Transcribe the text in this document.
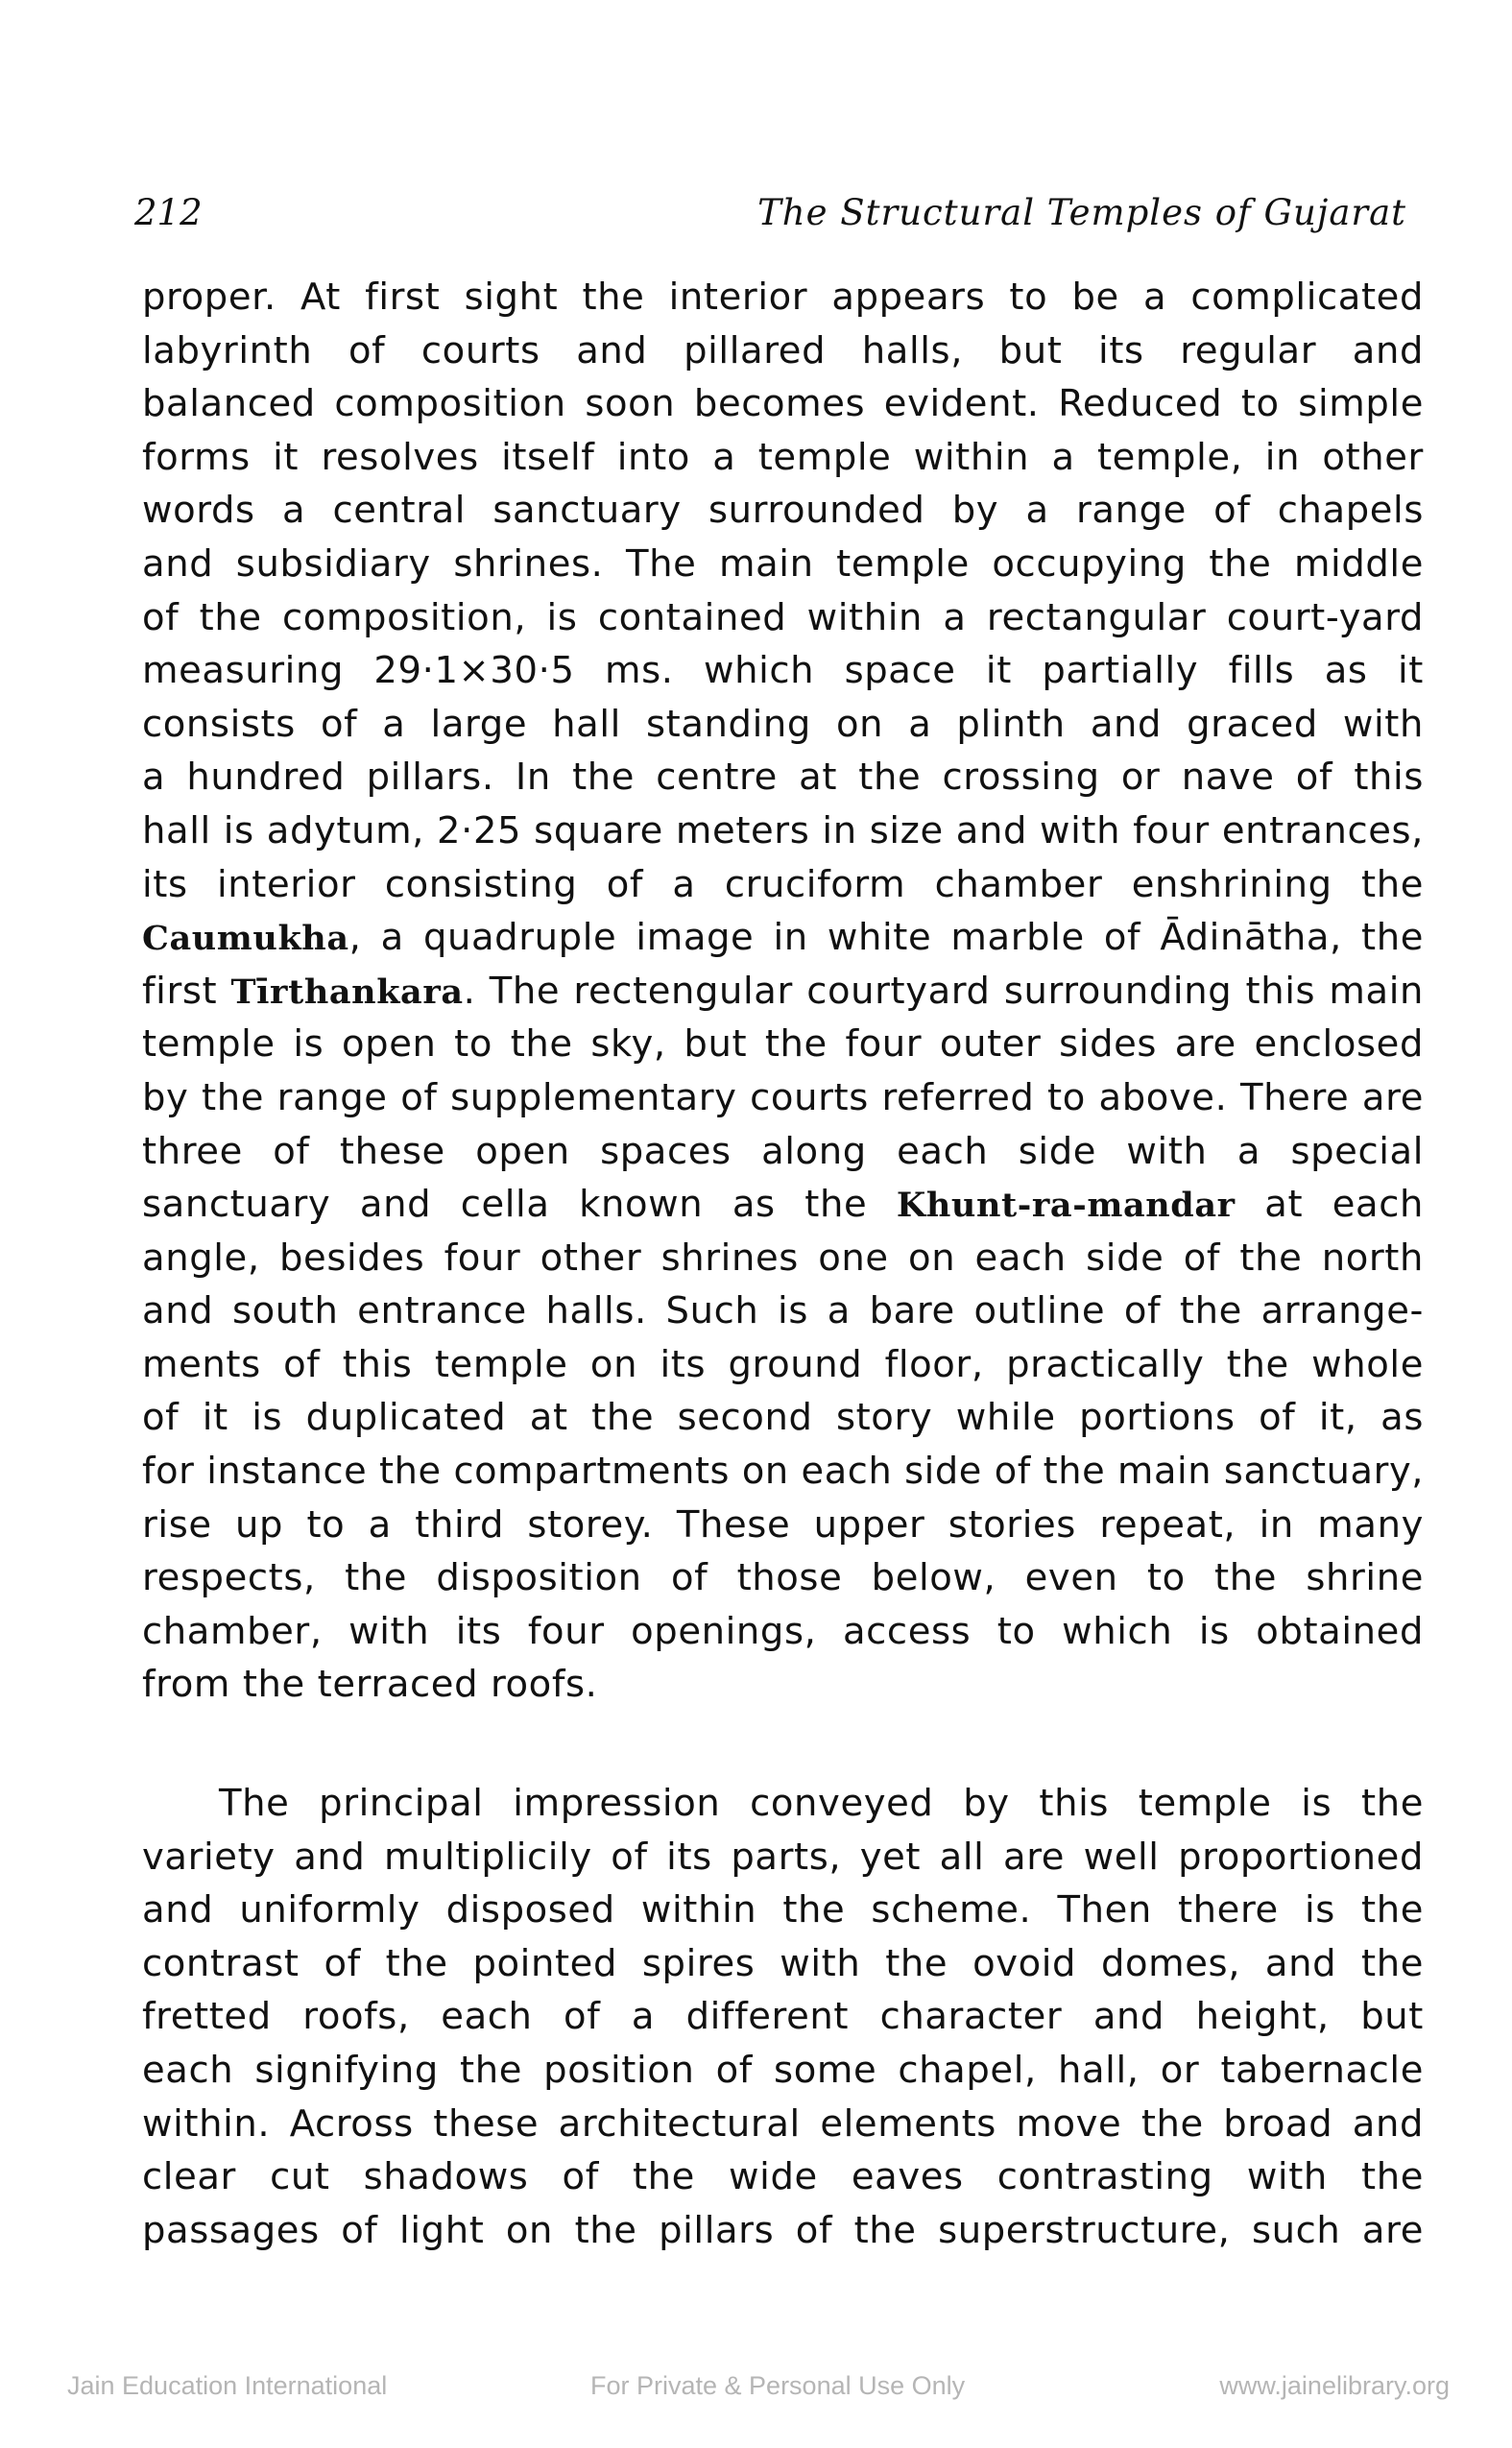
212	The Structural Temples of Gujarat
proper. At first sight the interior appears to be a complicated
labyrinth of courts and pillared halls, but its regular and
balanced composition soon becomes evident. Reduced to simple
forms it resolves itself into a temple within a temple, in other
words a central sanctuary surrounded by a range of chapels
and subsidiary shrines. The main temple occupying the middle
of the composition, is contained within a rectangular court-yard
measuring 29·1×30·5 ms. which space it partially fills as it
consists of a large hall standing on a plinth and graced with
a hundred pillars. In the centre at the crossing or nave of this
hall is adytum, 2·25 square meters in size and with four entrances,
its interior consisting of a cruciform chamber enshrining the
Caumukha, a quadruple image in white marble of Ādinātha, the
first Tīrthankara. The rectengular courtyard surrounding this main
temple is open to the sky, but the four outer sides are enclosed
by the range of supplementary courts referred to above. There are
three of these open spaces along each side with a special
sanctuary and cella known as the Khunt-ra-mandar at each
angle, besides four other shrines one on each side of the north
and south entrance halls. Such is a bare outline of the arrange-
ments of this temple on its ground floor, practically the whole
of it is duplicated at the second story while portions of it, as
for instance the compartments on each side of the main sanctuary,
rise up to a third storey. These upper stories repeat, in many
respects, the disposition of those below, even to the shrine
chamber, with its four openings, access to which is obtained
from the terraced roofs.
The principal impression conveyed by this temple is the
variety and multiplicily of its parts, yet all are well proportioned
and uniformly disposed within the scheme. Then there is the
contrast of the pointed spires with the ovoid domes, and the
fretted roofs, each of a different character and height, but
each signifying the position of some chapel, hall, or tabernacle
within. Across these architectural elements move the broad and
clear cut shadows of the wide eaves contrasting with the
passages of light on the pillars of the superstructure, such are
Jain Education International	For Private & Personal Use Only	www.jainelibrary.org
